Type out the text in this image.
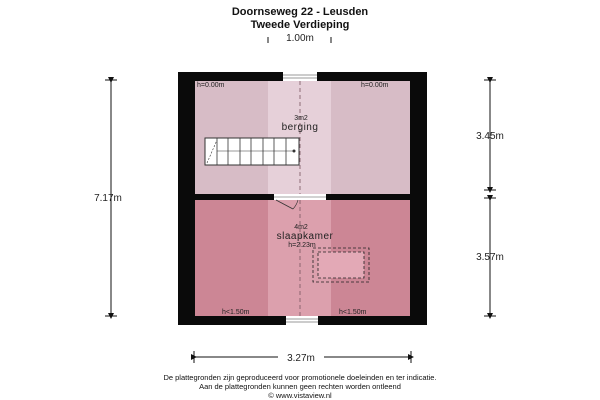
Doornseweg 22 - Leusden
Tweede Verdieping
1.00m
3m2
berging
h=0.00m	h=0.00m
4m2
slaapkamer
h=2.23m
h<1.50m	h<1.50m
7.17m
3.45m
3.57m
3.27m
De plattegronden zijn geproduceerd voor promotionele doeleinden en ter indicatie.
Aan de plattegronden kunnen geen rechten worden ontleend
© www.vistaview.nl
